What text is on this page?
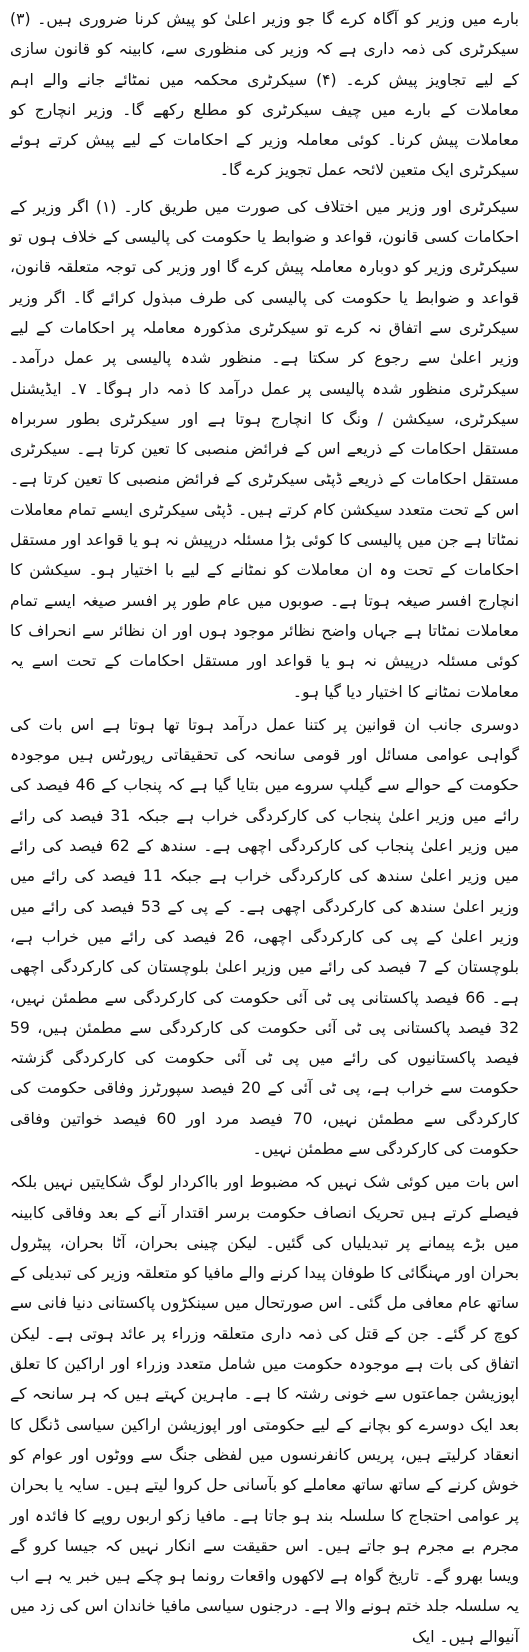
بارے میں وزیر کو آگاہ کرے گا جو وزیر اعلیٰ کو پیش کرنا ضروری ہیں۔ (۳) سیکرٹری کی ذمہ داری ہے کہ وزیر کی منظوری سے، کابینہ کو قانون سازی کے لیے تجاویز پیش کرے۔ (۴) سیکرٹری محکمہ میں نمٹائے جانے والے اہم معاملات کے بارے میں چیف سیکرٹری کو مطلع رکھے گا۔ وزیر انچارج کو معاملات پیش کرنا۔ کوئی معاملہ وزیر کے احکامات کے لیے پیش کرتے ہوئے سیکرٹری ایک متعین لائحہ عمل تجویز کرے گا۔

سیکرٹری اور وزیر میں اختلاف کی صورت میں طریق کار۔ (۱) اگر وزیر کے احکامات کسی قانون، قواعد و ضوابط یا حکومت کی پالیسی کے خلاف ہوں تو سیکرٹری وزیر کو دوبارہ معاملہ پیش کرے گا اور وزیر کی توجہ متعلقہ قانون، قواعد و ضوابط یا حکومت کی پالیسی کی طرف مبذول کرائے گا۔ اگر وزیر سیکرٹری سے اتفاق نہ کرے تو سیکرٹری مذکورہ معاملہ پر احکامات کے لیے وزیر اعلیٰ سے رجوع کر سکتا ہے۔ منظور شدہ پالیسی پر عمل درآمد۔ سیکرٹری منظور شدہ پالیسی پر عمل درآمد کا ذمہ دار ہوگا۔ ۷۔ ایڈیشنل سیکرٹری، سیکشن / ونگ کا انچارج ہوتا ہے اور سیکرٹری بطور سربراہ مستقل احکامات کے ذریعے اس کے فرائض منصبی کا تعین کرتا ہے۔ سیکرٹری مستقل احکامات کے ذریعے ڈپٹی سیکرٹری کے فرائض منصبی کا تعین کرتا ہے۔ اس کے تحت متعدد سیکشن کام کرتے ہیں۔ ڈپٹی سیکرٹری ایسے تمام معاملات نمٹاتا ہے جن میں پالیسی کا کوئی بڑا مسئلہ درپیش نہ ہو یا قواعد اور مستقل احکامات کے تحت وہ ان معاملات کو نمٹانے کے لیے با اختیار ہو۔ سیکشن کا انچارج افسر صیغہ ہوتا ہے۔ صوبوں میں عام طور پر افسر صیغہ ایسے تمام معاملات نمٹاتا ہے جہاں واضح نظائر موجود ہوں اور ان نظائر سے انحراف کا کوئی مسئلہ درپیش نہ ہو یا قواعد اور مستقل احکامات کے تحت اسے یہ معاملات نمٹانے کا اختیار دیا گیا ہو۔

دوسری جانب ان قوانین پر کتنا عمل درآمد ہوتا تھا ہوتا ہے اس بات کی گواہی عوامی مسائل اور قومی سانحہ کی تحقیقاتی رپورٹس ہیں موجودہ حکومت کے حوالے سے گیلپ سروے میں بتایا گیا ہے کہ پنجاب کے 46 فیصد کی رائے میں وزیر اعلیٰ پنجاب کی کارکردگی خراب ہے جبکہ 31 فیصد کی رائے میں وزیر اعلیٰ پنجاب کی کارکردگی اچھی ہے۔ سندھ کے 62 فیصد کی رائے میں وزیر اعلیٰ سندھ کی کارکردگی خراب ہے جبکہ 11 فیصد کی رائے میں وزیر اعلیٰ سندھ کی کارکردگی اچھی ہے۔ کے پی کے 53 فیصد کی رائے میں وزیر اعلیٰ کے پی کی کارکردگی اچھی، 26 فیصد کی رائے میں خراب ہے، بلوچستان کے 7 فیصد کی رائے میں وزیر اعلیٰ بلوچستان کی کارکردگی اچھی ہے۔ 66 فیصد پاکستانی پی ٹی آئی حکومت کی کارکردگی سے مطمئن نہیں، 32 فیصد پاکستانی پی ٹی آئی حکومت کی کارکردگی سے مطمئن ہیں، 59 فیصد پاکستانیوں کی رائے میں پی ٹی آئی حکومت کی کارکردگی گزشتہ حکومت سے خراب ہے، پی ٹی آئی کے 20 فیصد سپورٹرز وفاقی حکومت کی کارکردگی سے مطمئن نہیں، 70 فیصد مرد اور 60 فیصد خواتین وفاقی حکومت کی کارکردگی سے مطمئن نہیں۔

اس بات میں کوئی شک نہیں کہ مضبوط اور بااکردار لوگ شکایتیں نہیں بلکہ فیصلے کرتے ہیں تحریک انصاف حکومت برسر اقتدار آنے کے بعد وفاقی کابینہ میں بڑے پیمانے پر تبدیلیاں کی گئیں۔ لیکن چینی بحران، آٹا بحران، پیٹرول بحران اور مہنگائی کا طوفان پیدا کرنے والے مافیا کو متعلقہ وزیر کی تبدیلی کے ساتھ عام معافی مل گئی۔ اس صورتحال میں سینکڑوں پاکستانی دنیا فانی سے کوچ کر گئے۔ جن کے قتل کی ذمہ داری متعلقہ وزراء پر عائد ہوتی ہے۔ لیکن اتفاق کی بات ہے موجودہ حکومت میں شامل متعدد وزراء اور اراکین کا تعلق اپوزیشن جماعتوں سے خونی رشتہ کا ہے۔ ماہرین کہتے ہیں کہ ہر سانحہ کے بعد ایک دوسرے کو بچانے کے لیے حکومتی اور اپوزیشن اراکین سیاسی ڈنگل کا انعقاد کرلیتے ہیں، پریس کانفرنسوں میں لفظی جنگ سے ووٹوں اور عوام کو خوش کرنے کے ساتھ ساتھ معاملے کو بآسانی حل کروا لیتے ہیں۔ سایہ یا بحران پر عوامی احتجاج کا سلسلہ بند ہو جاتا ہے۔ مافیا زکو اربوں روپے کا فائدہ اور مجرم بے مجرم ہو جاتے ہیں۔ اس حقیقت سے انکار نہیں کہ جیسا کرو گے ویسا بھرو گے۔ تاریخ گواہ ہے لاکھوں واقعات رونما ہو چکے ہیں خبر یہ ہے اب یہ سلسلہ جلد ختم ہونے والا ہے۔ درجنوں سیاسی مافیا خاندان اس کی زد میں آنیوالے ہیں۔ ایک
